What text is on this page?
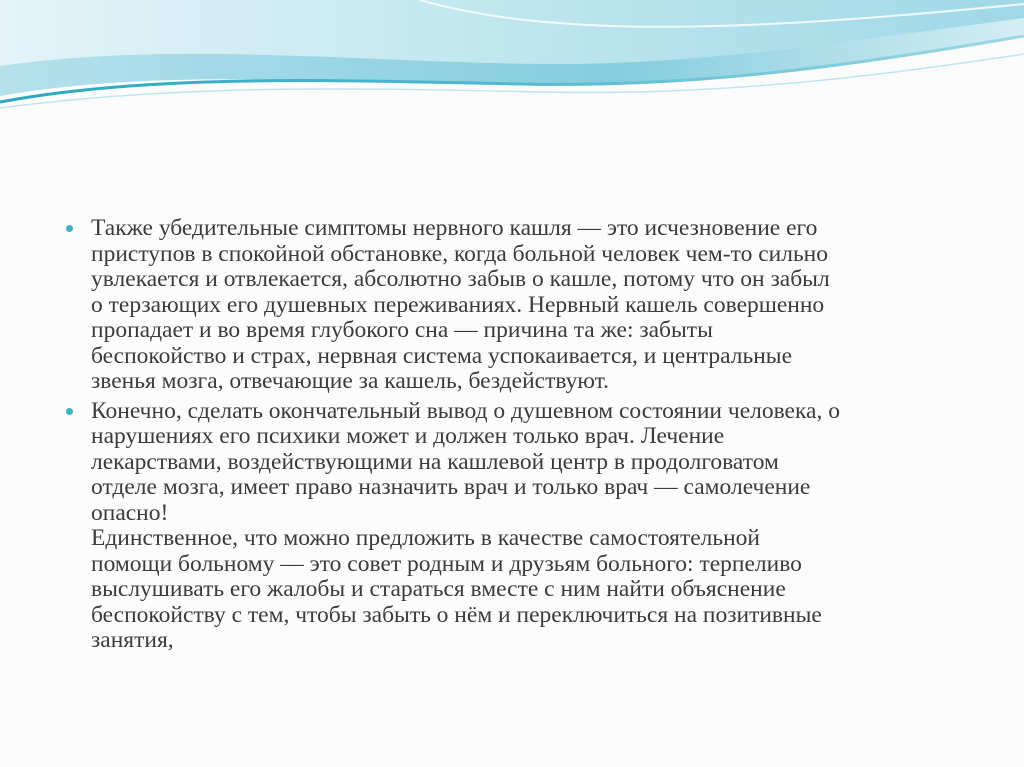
Также убедительные симптомы нервного кашля — это исчезновение его
приступов в спокойной обстановке, когда больной человек чем-то сильно
увлекается и отвлекается, абсолютно забыв о кашле, потому что он забыл
о терзающих его душевных переживаниях. Нервный кашель совершенно
пропадает и во время глубокого сна — причина та же: забыты
беспокойство и страх, нервная система успокаивается, и центральные
звенья мозга, отвечающие за кашель, бездействуют.

Конечно, сделать окончательный вывод о душевном состоянии человека, о
нарушениях его психики может и должен только врач. Лечение
лекарствами, воздействующими на кашлевой центр в продолговатом
отделе мозга, имеет право назначить врач и только врач — самолечение
опасно!

Единственное, что можно предложить в качестве самостоятельной
помощи больному — это совет родным и друзьям больного: терпеливо
выслушивать его жалобы и стараться вместе с ним найти объяснение
беспокойству с тем, чтобы забыть о нём и переключиться на позитивные
занятия,
